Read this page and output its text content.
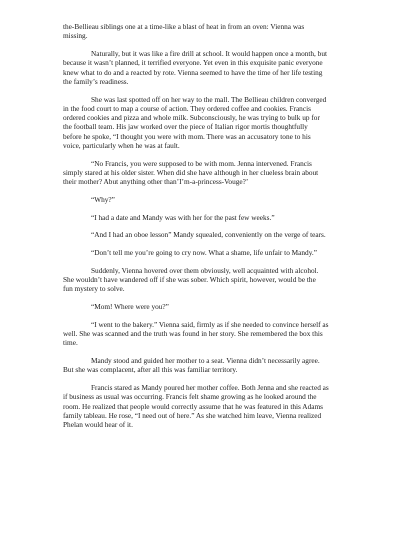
the-Bellieau siblings one at a time-like a blast of heat in from an oven: Vienna was
missing.

Naturally, but it was like a fire drill at school. It would happen once a month, but
because it wasn’t planned, it terrified everyone. Yet even in this exquisite panic everyone
knew what to do and a reacted by rote. Vienna seemed to have the time of her life testing
the family’s readiness.

She was last spotted off on her way to the mall. The Bellieau children converged
in the food court to map a course of action. They ordered coffee and cookies. Francis
ordered cookies and pizza and whole milk. Subconsciously, he was trying to bulk up for
the football team. His jaw worked over the piece of Italian rigor mortis thoughtfully
before he spoke, “I thought you were with mom. There was an accusatory tone to his
voice, particularly when he was at fault.

“No Francis, you were supposed to be with mom. Jenna intervened. Francis
simply stared at his older sister. When did she have although in her clueless brain about
their mother? Abut anything other than’I’m-a-princess-Vouge?’

“Why?”

“I had a date and Mandy was with her for the past few weeks.”

“And I had an oboe lesson” Mandy squealed, conveniently on the verge of tears.

“Don’t tell me you’re going to cry now. What a shame, life unfair to Mandy.”

Suddenly, Vienna hovered over them obviously, well acquainted with alcohol.
She wouldn’t have wandered off if she was sober. Which spirit, however, would be the
fun mystery to solve.

“Mom! Where were you?”

“I went to the bakery.” Vienna said, firmly as if she needed to convince herself as
well. She was scanned and the truth was found in her story. She remembered the box this
time.

Mandy stood and guided her mother to a seat. Vienna didn’t necessarily agree.
But she was complacent, after all this was familiar territory.

Francis stared as Mandy poured her mother coffee. Both Jenna and she reacted as
if business as usual was occurring. Francis felt shame growing as he looked around the
room. He realized that people would correctly assume that he was featured in this Adams
family tableau. He rose, “I need out of here.” As she watched him leave, Vienna realized
Phelan would hear of it.
